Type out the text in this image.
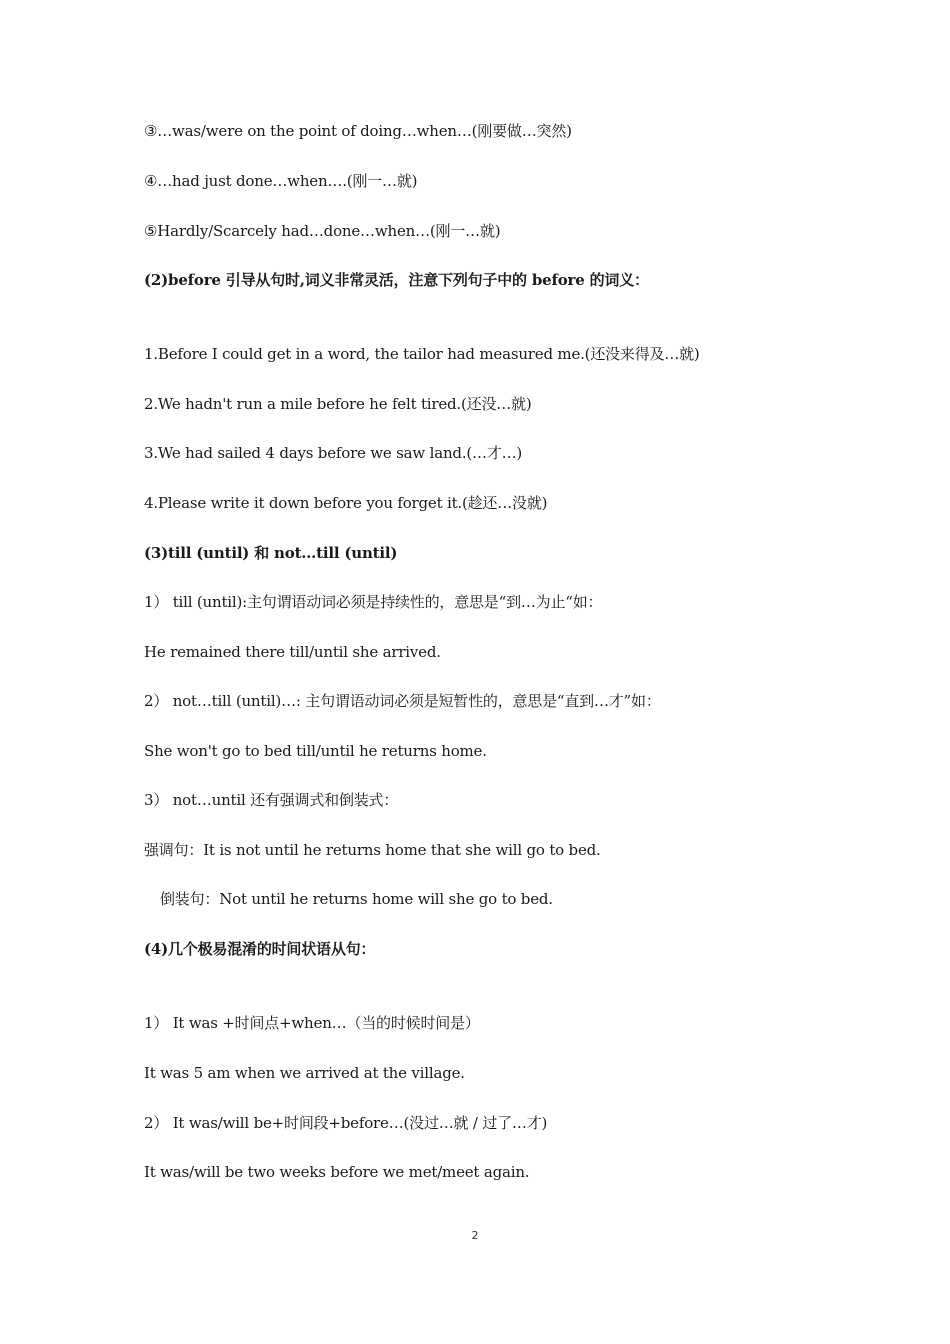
③…was/were on the point of doing…when…(刚要做…突然)
④…had just done…when….(刚一…就)
⑤Hardly/Scarcely had…done…when…(刚一…就)
(2)before 引导从句时,词义非常灵活，注意下列句子中的 before 的词义：
1.Before I could get in a word, the tailor had measured me.(还没来得及…就)
2.We hadn't run a mile before he felt tired.(还没…就)
3.We had sailed 4 days before we saw land.(…才…)
4.Please write it down before you forget it.(趁还…没就)
(3)till (until) 和 not…till (until)
1） till (until):主句谓语动词必须是持续性的，意思是“到…为止“如：
He remained there till/until she arrived.
2） not…till (until)…: 主句谓语动词必须是短暂性的，意思是“直到…才”如：
She won't go to bed till/until he returns home.
3） not…until 还有强调式和倒装式：
强调句：It is not until he returns home that she will go to bed.
倒装句：Not until he returns home will she go to bed.
(4)几个极易混淆的时间状语从句：
1） It was +时间点+when…（当的时候时间是）
It was 5 am when we arrived at the village.
2） It was/will be+时间段+before…(没过…就 / 过了…才)
It was/will be two weeks before we met/meet again.
2
